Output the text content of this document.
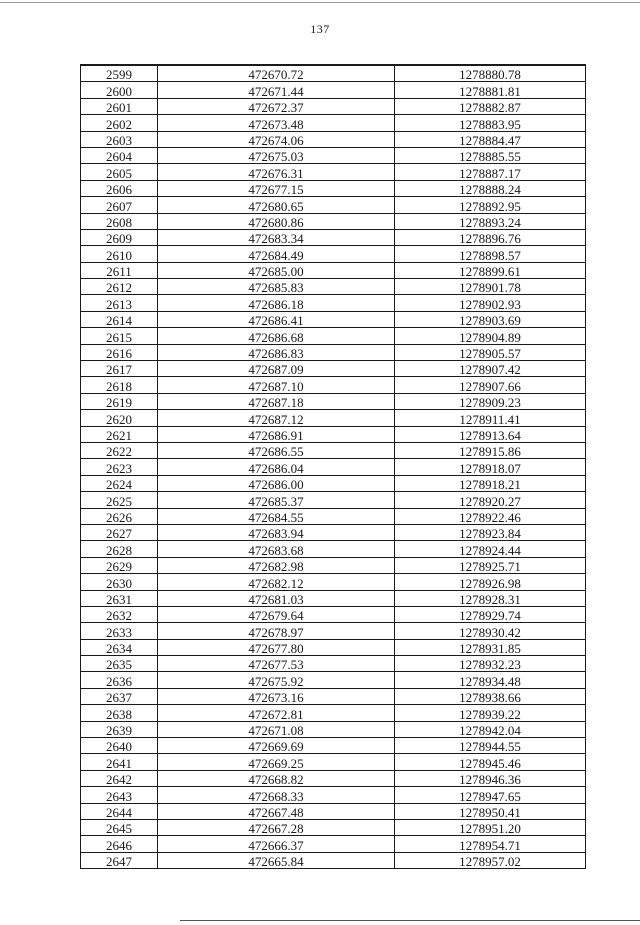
137
2599	472670.72	1278880.78
2600	472671.44	1278881.81
2601	472672.37	1278882.87
2602	472673.48	1278883.95
2603	472674.06	1278884.47
2604	472675.03	1278885.55
2605	472676.31	1278887.17
2606	472677.15	1278888.24
2607	472680.65	1278892.95
2608	472680.86	1278893.24
2609	472683.34	1278896.76
2610	472684.49	1278898.57
2611	472685.00	1278899.61
2612	472685.83	1278901.78
2613	472686.18	1278902.93
2614	472686.41	1278903.69
2615	472686.68	1278904.89
2616	472686.83	1278905.57
2617	472687.09	1278907.42
2618	472687.10	1278907.66
2619	472687.18	1278909.23
2620	472687.12	1278911.41
2621	472686.91	1278913.64
2622	472686.55	1278915.86
2623	472686.04	1278918.07
2624	472686.00	1278918.21
2625	472685.37	1278920.27
2626	472684.55	1278922.46
2627	472683.94	1278923.84
2628	472683.68	1278924.44
2629	472682.98	1278925.71
2630	472682.12	1278926.98
2631	472681.03	1278928.31
2632	472679.64	1278929.74
2633	472678.97	1278930.42
2634	472677.80	1278931.85
2635	472677.53	1278932.23
2636	472675.92	1278934.48
2637	472673.16	1278938.66
2638	472672.81	1278939.22
2639	472671.08	1278942.04
2640	472669.69	1278944.55
2641	472669.25	1278945.46
2642	472668.82	1278946.36
2643	472668.33	1278947.65
2644	472667.48	1278950.41
2645	472667.28	1278951.20
2646	472666.37	1278954.71
2647	472665.84	1278957.02
